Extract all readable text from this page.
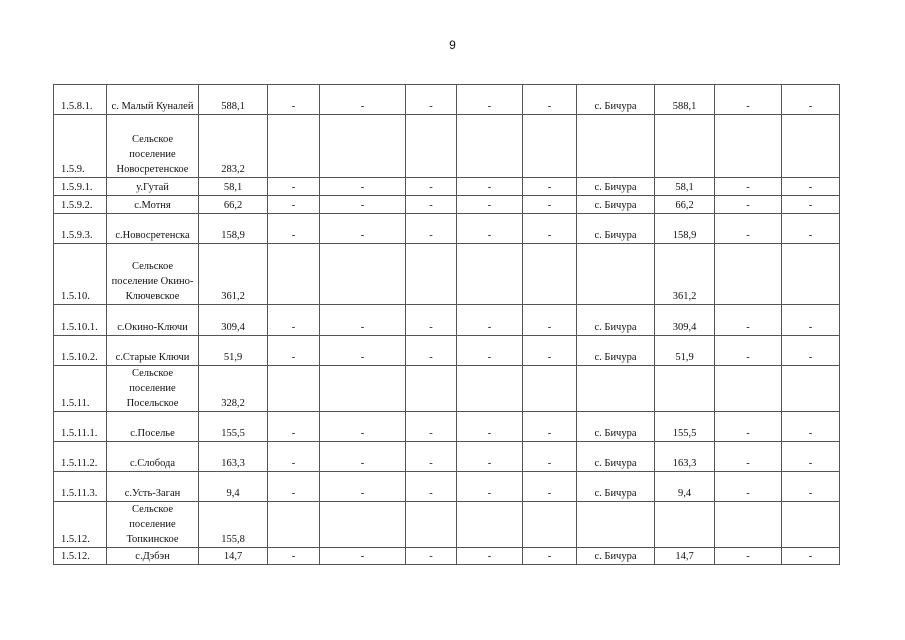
9
1.5.8.1.	с. Малый Куналей	588,1	-	-	-	-	-	с. Бичура	588,1	-	-
1.5.9.	Сельское поселение Новосретенское	283,2									
1.5.9.1.	у.Гутай	58,1	-	-	-	-	-	с. Бичура	58,1	-	-
1.5.9.2.	с.Мотня	66,2	-	-	-	-	-	с. Бичура	66,2	-	-
1.5.9.3.	с.Новосретенска	158,9	-	-	-	-	-	с. Бичура	158,9	-	-
1.5.10.	Сельское поселение Окино-Ключевское	361,2							361,2		
1.5.10.1.	с.Окино-Ключи	309,4	-	-	-	-	-	с. Бичура	309,4	-	-
1.5.10.2.	с.Старые Ключи	51,9	-	-	-	-	-	с. Бичура	51,9	-	-
1.5.11.	Сельское поселение Посельское	328,2									
1.5.11.1.	с.Поселье	155,5	-	-	-	-	-	с. Бичура	155,5	-	-
1.5.11.2.	с.Слобода	163,3	-	-	-	-	-	с. Бичура	163,3	-	-
1.5.11.3.	с.Усть-Заган	9,4	-	-	-	-	-	с. Бичура	9,4	-	-
1.5.12.	Сельское поселение Топкинское	155,8									
1.5.12.	с.Дэбэн	14,7	-	-	-	-	-	с. Бичура	14,7	-	-
